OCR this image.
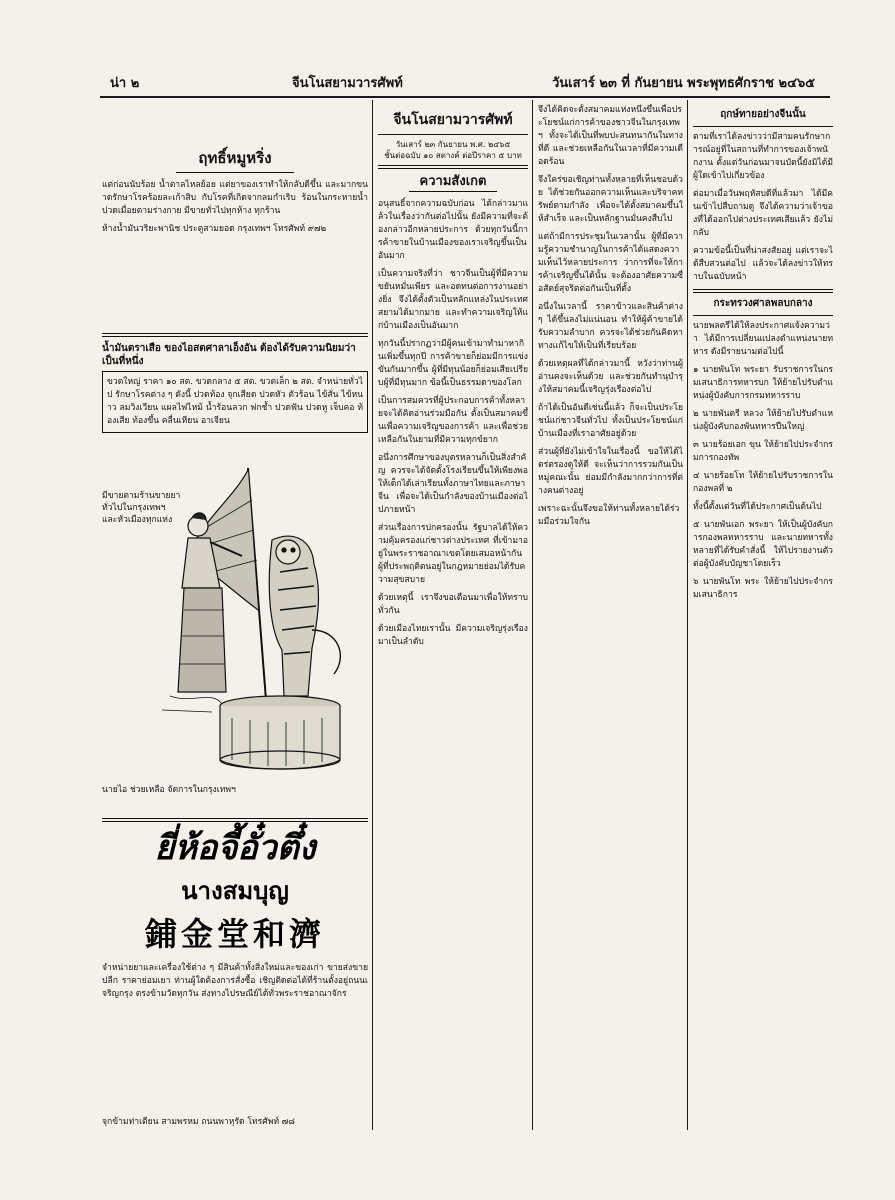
น่า ๒	จีนโนสยามวารศัพท์	วันเสาร์ ๒๓ ที่ กันยายน พระพุทธศักราช ๒๔๖๕
ฤทธิ์หมูหริ่ง

แต่ก่อนนับร้อย น้ำตาลไหลย้อย แต่ยาของเราทำให้กลับดีขึ้น และมากขนาดรักษาโรคร้อยละเก้าสิบ กับโรคที่เกิดจากลมกำเริบ ร้อนในกระหายน้ำ ปวดเมื่อยตามร่างกาย มีขายทั่วไปทุกห้าง ทุกร้าน

ห้างน้ำมันวริยะพานิช ประตูสามยอด กรุงเทพฯ โทรศัพท์ ๙๗๒

น้ำมันตราเสือ ของไอสตศาลาเอ็งอัน ต้องได้รับความนิยมว่าเป็นที่หนึ่ง

ขวดใหญ่ ราคา ๑๐ สต. ขวดกลาง ๕ สต. ขวดเล็ก ๒ สต. จำหน่ายทั่วไป รักษาโรคต่าง ๆ ดังนี้ ปวดท้อง จุกเสียด ปวดหัว ตัวร้อน ไข้สั่น ไข้หนาว ลมวิงเวียน แผลไฟไหม้ น้ำร้อนลวก ฟกช้ำ ปวดฟัน ปวดหู เจ็บคอ ท้องเสีย ท้องขึ้น คลื่นเหียน อาเจียน

มีขายตามร้านขายยาทั่วไปในกรุงเทพฯ และหัวเมืองทุกแห่ง

นายไอ ช่วยเหลือ จัดการในกรุงเทพฯ

ยี่ห้อจี้อั๋วตึ๋ง
นางสมบุญ
鋪金堂和濟

จำหน่ายยาและเครื่องใช้ต่าง ๆ มีสินค้าทั้งสิ่งใหม่และของเก่า ขายส่งขายปลีก ราคาย่อมเยา ท่านผู้ใดต้องการสั่งซื้อ เชิญติดต่อได้ที่ร้านตั้งอยู่ถนนเจริญกรุง ตรงข้ามวัดทุกวัน ส่งทางไปรษณีย์ได้ทั่วพระราชอาณาจักร

จุกข้ามท่าเตียน สามพรหม ถนนพาหุรัด โทรศัพท์ ๗๘

จีนโนสยามวารศัพท์
วันเสาร์ ๒๓ กันยายน พ.ศ. ๒๔๖๕
ชั้นต่อฉบับ ๑๐ สตางค์ ต่อปีราคา ๕ บาท
ความสังเกต

อนุสนธิ์จากความฉบับก่อน ได้กล่าวมาแล้วในเรื่องว่ากันต่อไปนั้น ยังมีความที่จะต้องกล่าวอีกหลายประการ ด้วยทุกวันนี้การค้าขายในบ้านเมืองของเราเจริญขึ้นเป็นอันมาก

เป็นความจริงที่ว่า ชาวจีนเป็นผู้ที่มีความขยันหมั่นเพียร และอดทนต่อการงานอย่างยิ่ง จึงได้ตั้งตัวเป็นหลักแหล่งในประเทศสยามได้มากมาย และทำความเจริญให้แก่บ้านเมืองเป็นอันมาก

ทุกวันนี้ปรากฏว่ามีผู้คนเข้ามาทำมาหากินเพิ่มขึ้นทุกปี การค้าขายก็ย่อมมีการแข่งขันกันมากขึ้น ผู้ที่มีทุนน้อยก็ย่อมเสียเปรียบผู้ที่มีทุนมาก ข้อนี้เป็นธรรมดาของโลก

เป็นการสมควรที่ผู้ประกอบการค้าทั้งหลายจะได้คิดอ่านร่วมมือกัน ตั้งเป็นสมาคมขึ้นเพื่อความเจริญของการค้า และเพื่อช่วยเหลือกันในยามที่มีความทุกข์ยาก

อนึ่งการศึกษาของบุตรหลานก็เป็นสิ่งสำคัญ ควรจะได้จัดตั้งโรงเรียนขึ้นให้เพียงพอ ให้เด็กได้เล่าเรียนทั้งภาษาไทยและภาษาจีน เพื่อจะได้เป็นกำลังของบ้านเมืองต่อไปภายหน้า

ส่วนเรื่องการปกครองนั้น รัฐบาลได้ให้ความคุ้มครองแก่ชาวต่างประเทศ ที่เข้ามาอยู่ในพระราชอาณาเขตโดยเสมอหน้ากัน ผู้ที่ประพฤติตนอยู่ในกฎหมายย่อมได้รับความสุขสบาย

ด้วยเหตุนี้ เราจึงขอเตือนมาเพื่อให้ทราบทั่วกัน

ด้วยเมืองไทยเรานั้น มีความเจริญรุ่งเรืองมาเป็นลำดับ

จึงได้คิดจะตั้งสมาคมแห่งหนึ่งขึ้นเพื่อประโยชน์แก่การค้าของชาวจีนในกรุงเทพฯ ทั้งจะได้เป็นที่พบปะสนทนากันในทางที่ดี และช่วยเหลือกันในเวลาที่มีความเดือดร้อน

จึงใคร่ขอเชิญท่านทั้งหลายที่เห็นชอบด้วย ได้ช่วยกันออกความเห็นและบริจาคทรัพย์ตามกำลัง เพื่อจะได้ตั้งสมาคมขึ้นให้สำเร็จ และเป็นหลักฐานมั่นคงสืบไป

แต่ถ้ามีการประชุมในเวลานั้น ผู้ที่มีความรู้ความชำนาญในการค้าได้แสดงความเห็นไว้หลายประการ ว่าการที่จะให้การค้าเจริญขึ้นได้นั้น จะต้องอาศัยความซื่อสัตย์สุจริตต่อกันเป็นที่ตั้ง

อนึ่งในเวลานี้ ราคาข้าวและสินค้าต่าง ๆ ได้ขึ้นลงไม่แน่นอน ทำให้ผู้ค้าขายได้รับความลำบาก ควรจะได้ช่วยกันคิดหาทางแก้ไขให้เป็นที่เรียบร้อย

ด้วยเหตุผลที่ได้กล่าวมานี้ หวังว่าท่านผู้อ่านคงจะเห็นด้วย และช่วยกันทำนุบำรุงให้สมาคมนี้เจริญรุ่งเรืองต่อไป

ถ้าได้เป็นอันดีเช่นนี้แล้ว ก็จะเป็นประโยชน์แก่ชาวจีนทั่วไป ทั้งเป็นประโยชน์แก่บ้านเมืองที่เราอาศัยอยู่ด้วย

ส่วนผู้ที่ยังไม่เข้าใจในเรื่องนี้ ขอให้ได้ไตร่ตรองดูให้ดี จะเห็นว่าการรวมกันเป็นหมู่คณะนั้น ย่อมมีกำลังมากกว่าการที่ต่างคนต่างอยู่

เพราะฉะนั้นจึงขอให้ท่านทั้งหลายได้ร่วมมือร่วมใจกัน

ฤกษ์ทายอย่างจีนนั้น

ตามที่เราได้ลงข่าวว่ามีสามคนรักษาการณ์อยู่ที่ในสถานที่ทำการของเจ้าพนักงาน ตั้งแต่วันก่อนมาจนบัดนี้ยังมิได้มีผู้ใดเข้าไปเกี่ยวข้อง

ต่อมาเมื่อวันพฤหัสบดีที่แล้วมา ได้มีคนเข้าไปสืบถามดู จึงได้ความว่าเจ้าของที่ได้ออกไปต่างประเทศเสียแล้ว ยังไม่กลับ

ความข้อนี้เป็นที่น่าสงสัยอยู่ แต่เราจะได้สืบสวนต่อไป แล้วจะได้ลงข่าวให้ทราบในฉบับหน้า

กระทรวงศาลพลบกลาง

นายพลตรีได้ให้ลงประกาศแจ้งความว่า ได้มีการเปลี่ยนแปลงตำแหน่งนายทหาร ดังมีรายนามต่อไปนี้

๑ นายพันโท พระยา รับราชการในกรมเสนาธิการทหารบก ให้ย้ายไปรับตำแหน่งผู้บังคับการกรมทหารราบ

๒ นายพันตรี หลวง ให้ย้ายไปรับตำแหน่งผู้บังคับกองพันทหารปืนใหญ่

๓ นายร้อยเอก ขุน ให้ย้ายไปประจำกรมการกองทัพ

๔ นายร้อยโท ให้ย้ายไปรับราชการในกองพลที่ ๒

ทั้งนี้ตั้งแต่วันที่ได้ประกาศเป็นต้นไป

๕ นายพันเอก พระยา ให้เป็นผู้บังคับการกองพลทหารราบ และนายทหารทั้งหลายที่ได้รับคำสั่งนี้ ให้ไปรายงานตัวต่อผู้บังคับบัญชาโดยเร็ว

๖ นายพันโท พระ ให้ย้ายไปประจำกรมเสนาธิการ
